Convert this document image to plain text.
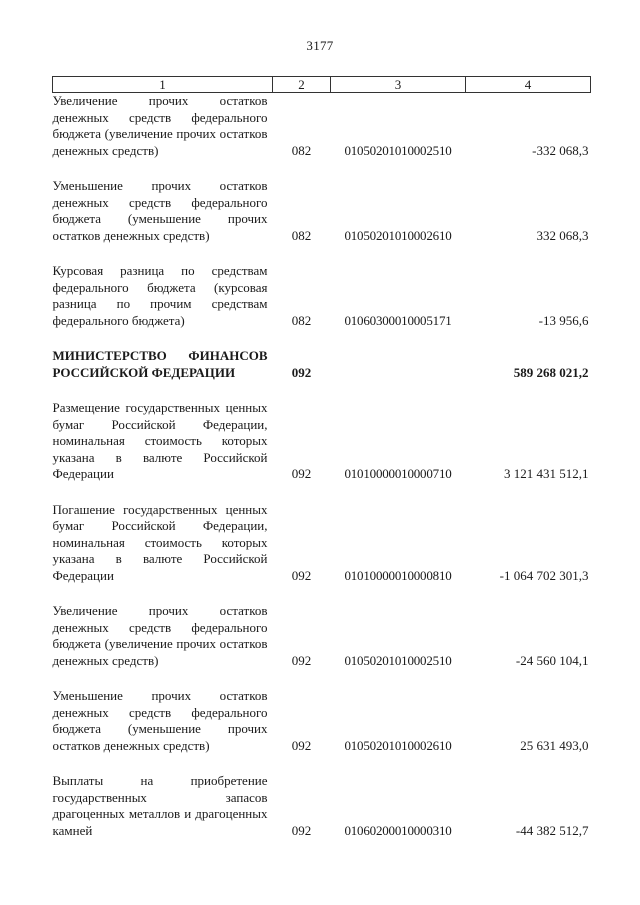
3177
1	2	3	4
Увеличение прочих остатков денежных средств федерального бюджета (увеличение прочих остатков денежных средств)	082	01050201010002510	-332 068,3

Уменьшение прочих остатков денежных средств федерального бюджета (уменьшение прочих остатков денежных средств)	082	01050201010002610	332 068,3

Курсовая разница по средствам федерального бюджета (курсовая разница по прочим средствам федерального бюджета)	082	01060300010005171	-13 956,6

МИНИСТЕРСТВО ФИНАНСОВ РОССИЙСКОЙ ФЕДЕРАЦИИ	092		589 268 021,2

Размещение государственных ценных бумаг Российской Федерации, номинальная стоимость которых указана в валюте Российской Федерации	092	01010000010000710	3 121 431 512,1

Погашение государственных ценных бумаг Российской Федерации, номинальная стоимость которых указана в валюте Российской Федерации	092	01010000010000810	-1 064 702 301,3

Увеличение прочих остатков денежных средств федерального бюджета (увеличение прочих остатков денежных средств)	092	01050201010002510	-24 560 104,1

Уменьшение прочих остатков денежных средств федерального бюджета (уменьшение прочих остатков денежных средств)	092	01050201010002610	25 631 493,0

Выплаты на приобретение государственных запасов драгоценных металлов и драгоценных камней	092	01060200010000310	-44 382 512,7
